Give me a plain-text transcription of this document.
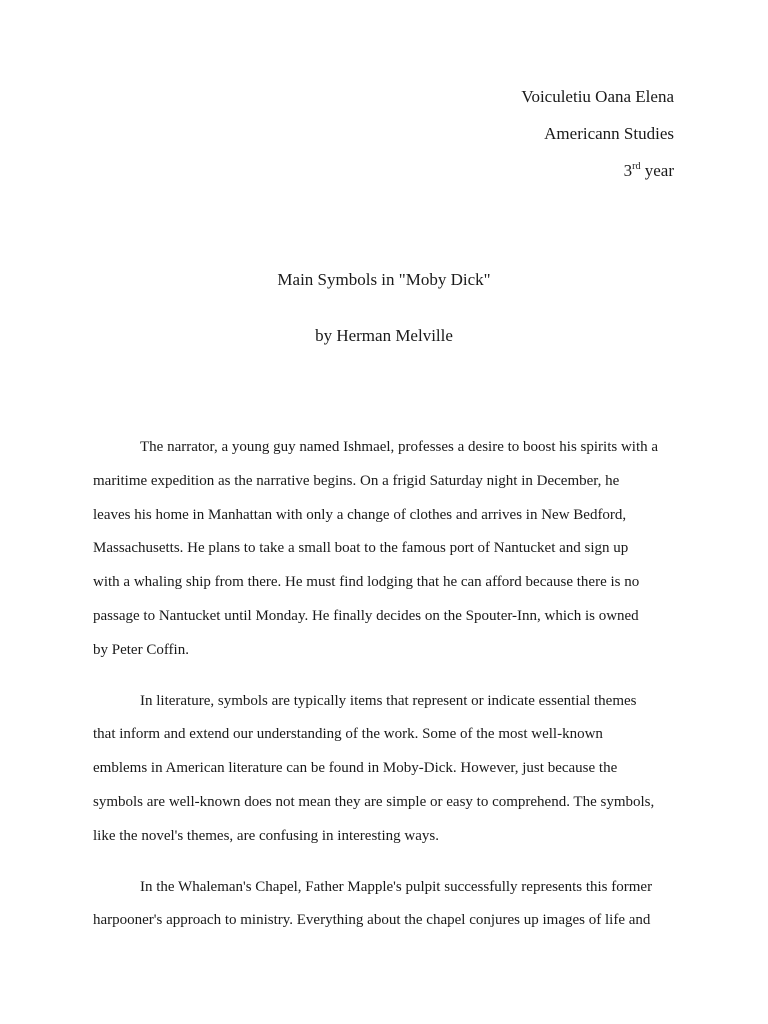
Voiculetiu Oana Elena
Americann Studies
3rd year
Main Symbols in "Moby Dick"
by Herman Melville
The narrator, a young guy named Ishmael, professes a desire to boost his spirits with a
maritime expedition as the narrative begins. On a frigid Saturday night in December, he
leaves his home in Manhattan with only a change of clothes and arrives in New Bedford,
Massachusetts. He plans to take a small boat to the famous port of Nantucket and sign up
with a whaling ship from there. He must find lodging that he can afford because there is no
passage to Nantucket until Monday. He finally decides on the Spouter-Inn, which is owned
by Peter Coffin.
In literature, symbols are typically items that represent or indicate essential themes
that inform and extend our understanding of the work. Some of the most well-known
emblems in American literature can be found in Moby-Dick. However, just because the
symbols are well-known does not mean they are simple or easy to comprehend. The symbols,
like the novel's themes, are confusing in interesting ways.
In the Whaleman's Chapel, Father Mapple's pulpit successfully represents this former
harpooner's approach to ministry. Everything about the chapel conjures up images of life and
